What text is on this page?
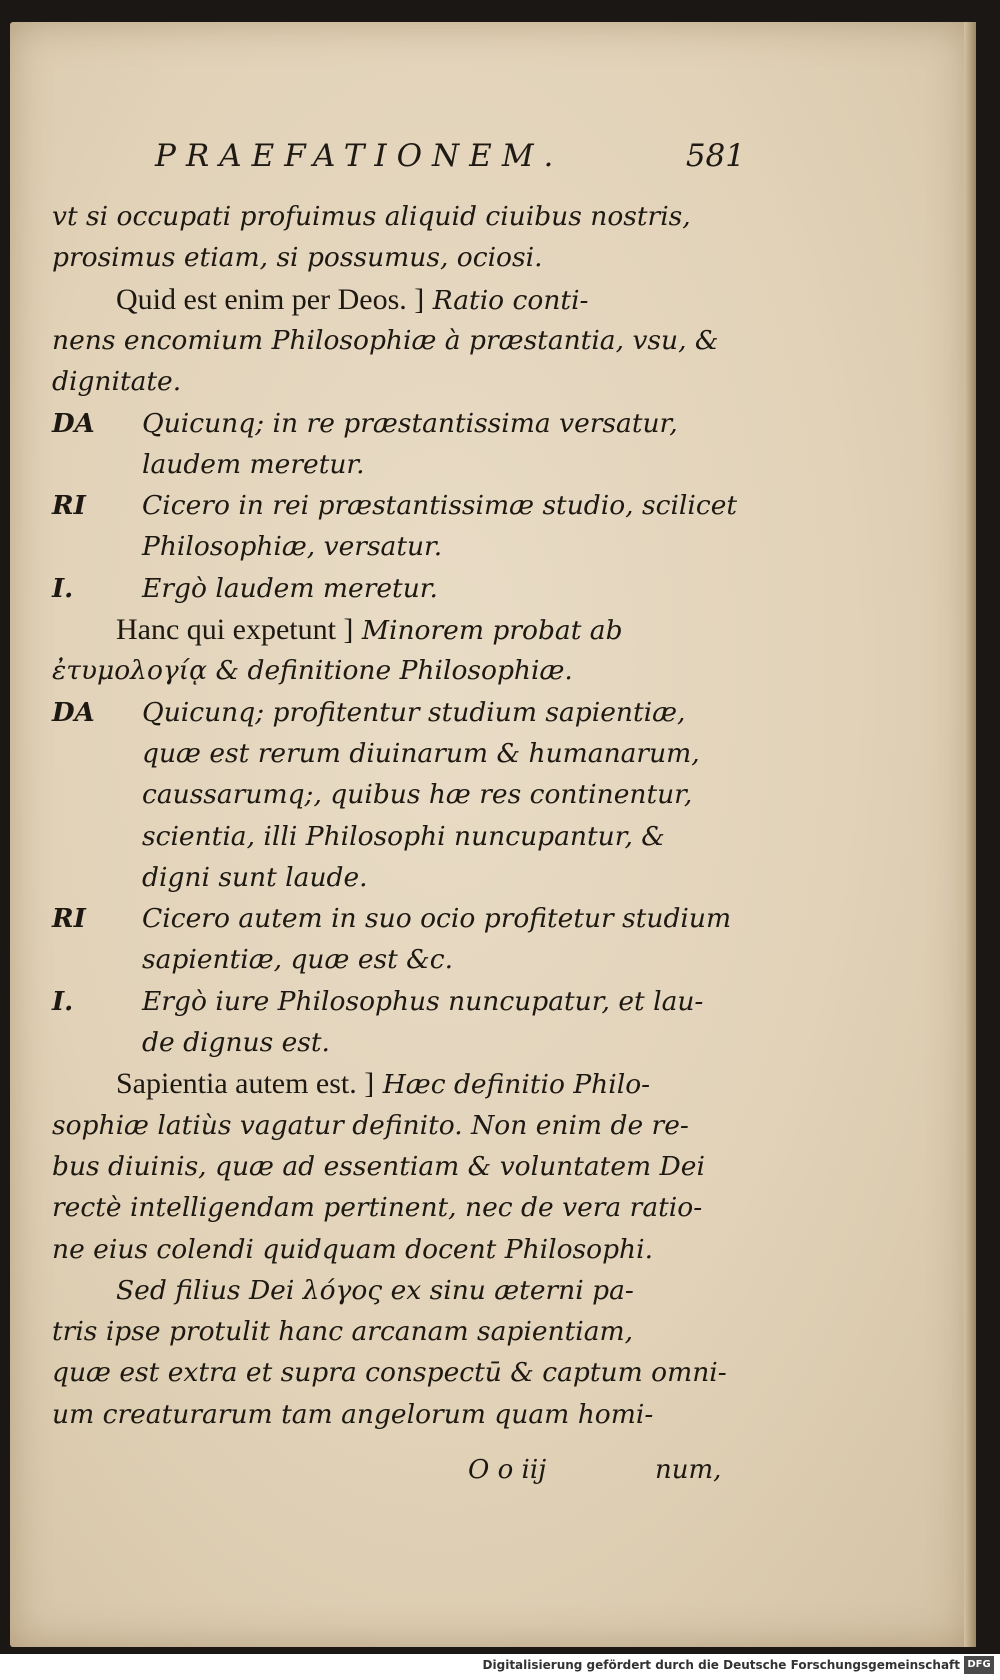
PRAEFATIONEM.	581
vt si occupati profuimus aliquid ciuibus nostris,
prosimus etiam, si possumus, ociosi.
Quid est enim per Deos. ] Ratio conti-
nens encomium Philosophiæ à præstantia, vsu, &
dignitate.
DA Quicunq; in re præstantissima versatur,
laudem meretur.
RI Cicero in rei præstantissimæ studio, scilicet
Philosophiæ, versatur.
I.	Ergò laudem meretur.
Hanc qui expetunt ] Minorem probat ab
ἐτυμολογίᾳ & definitione Philosophiæ.
DA Quicunq; profitentur studium sapientiæ,
quæ est rerum diuinarum & humanarum,
caussarumq;, quibus hæ res continentur,
scientia, illi Philosophi nuncupantur, &
digni sunt laude.
RI Cicero autem in suo ocio profitetur studium
sapientiæ, quæ est &c.
I.	Ergò iure Philosophus nuncupatur, et lau-
de dignus est.
Sapientia autem est. ] Hæc definitio Philo-
sophiæ latiùs vagatur definito. Non enim de re-
bus diuinis, quæ ad essentiam & voluntatem Dei
rectè intelligendam pertinent, nec de vera ratio-
ne eius colendi quidquam docent Philosophi.
Sed filius Dei λόγος ex sinu æterni pa-
tris ipse protulit hanc arcanam sapientiam,
quæ est extra et supra conspectū & captum omni-
um creaturarum tam angelorum quam homi-
O o iij	num,
Digitalisierung gefördert durch die Deutsche Forschungsgemeinschaft DFG
